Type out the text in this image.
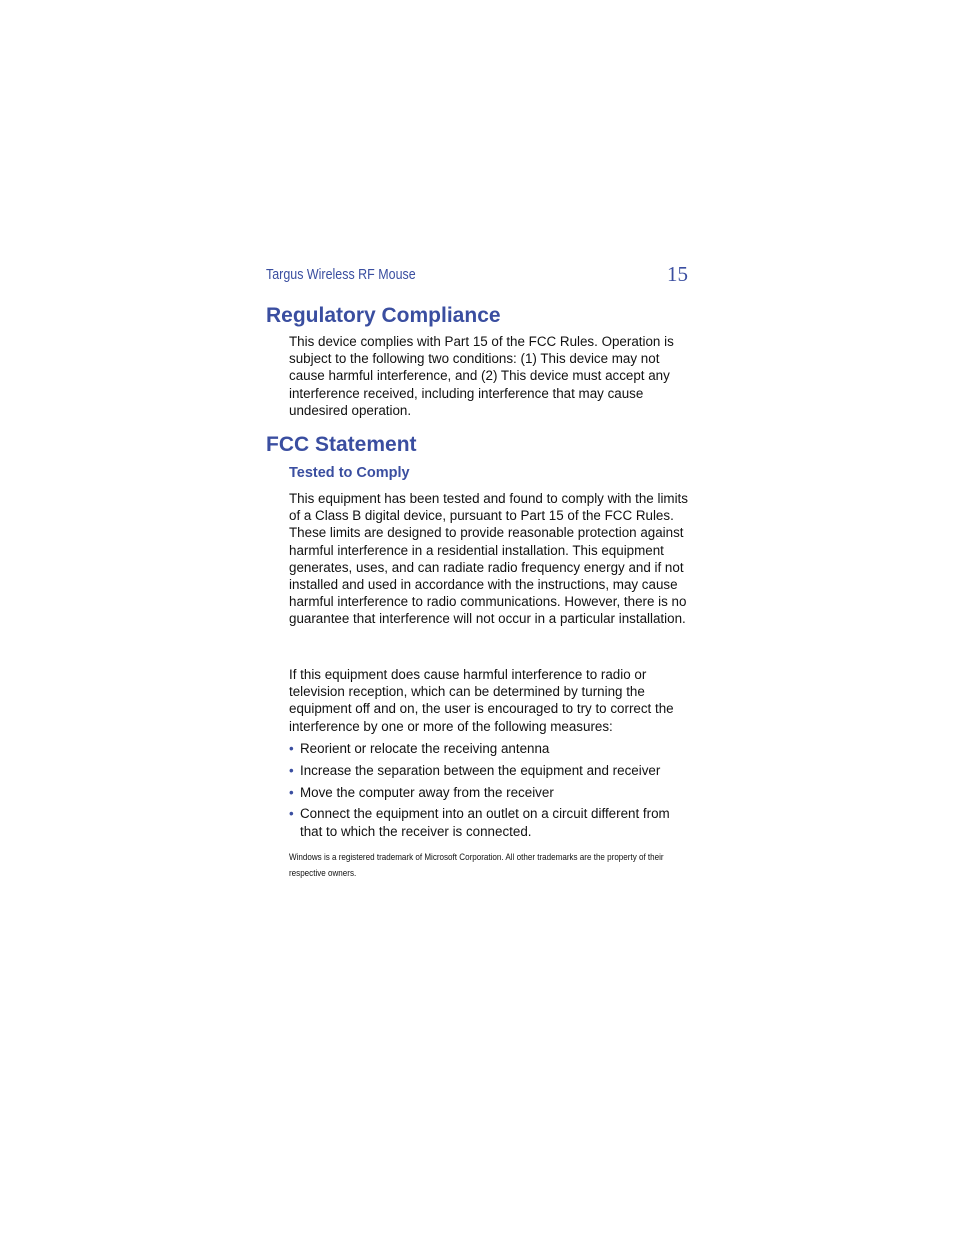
Targus Wireless RF Mouse	15
Regulatory Compliance

This device complies with Part 15 of the FCC Rules. Operation is subject to the following two conditions: (1) This device may not cause harmful interference, and (2) This device must accept any interference received, including interference that may cause undesired operation.

FCC Statement
Tested to Comply

This equipment has been tested and found to comply with the limits of a Class B digital device, pursuant to Part 15 of the FCC Rules. These limits are designed to provide reasonable protection against harmful interference in a residential installation. This equipment generates, uses, and can radiate radio frequency energy and if not installed and used in accordance with the instructions, may cause harmful interference to radio communications. However, there is no guarantee that interference will not occur in a particular installation.

If this equipment does cause harmful interference to radio or television reception, which can be determined by turning the equipment off and on, the user is encouraged to try to correct the interference by one or more of the following measures:

• Reorient or relocate the receiving antenna
• Increase the separation between the equipment and receiver
• Move the computer away from the receiver
• Connect the equipment into an outlet on a circuit different from that to which the receiver is connected.

Windows is a registered trademark of Microsoft Corporation. All other trademarks are the property of their respective owners.
